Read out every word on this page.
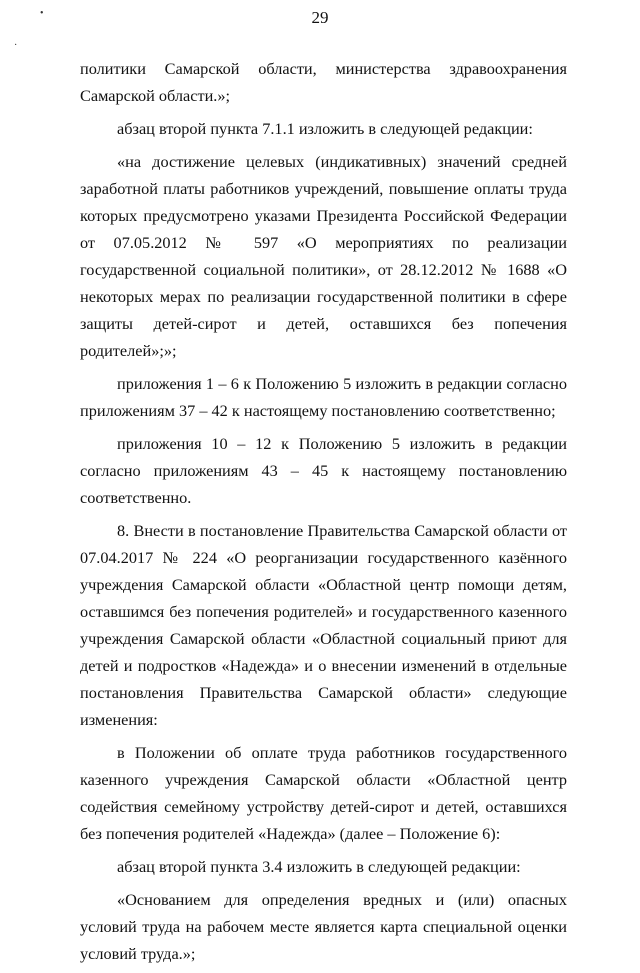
•
·
29

политики Самарской области, министерства здравоохранения Самарской области.»;

абзац второй пункта 7.1.1 изложить в следующей редакции:

«на достижение целевых (индикативных) значений средней заработной платы работников учреждений, повышение оплаты труда которых предусмотрено указами Президента Российской Федерации от 07.05.2012 № 597 «О мероприятиях по реализации государственной социальной политики», от 28.12.2012 № 1688 «О некоторых мерах по реализации государственной политики в сфере защиты детей-сирот и детей, оставшихся без попечения родителей»;»;

приложения 1 – 6 к Положению 5 изложить в редакции согласно приложениям 37 – 42 к настоящему постановлению соответственно;

приложения 10 – 12 к Положению 5 изложить в редакции согласно приложениям 43 – 45 к настоящему постановлению соответственно.

8. Внести в постановление Правительства Самарской области от 07.04.2017 № 224 «О реорганизации государственного казённого учреждения Самарской области «Областной центр помощи детям, оставшимся без попечения родителей» и государственного казенного учреждения Самарской области «Областной социальный приют для детей и подростков «Надежда» и о внесении изменений в отдельные постановления Правительства Самарской области» следующие изменения:

в Положении об оплате труда работников государственного казенного учреждения Самарской области «Областной центр содействия семейному устройству детей-сирот и детей, оставшихся без попечения родителей «Надежда» (далее – Положение 6):

абзац второй пункта 3.4 изложить в следующей редакции:

«Основанием для определения вредных и (или) опасных условий труда на рабочем месте является карта специальной оценки условий труда.»;
